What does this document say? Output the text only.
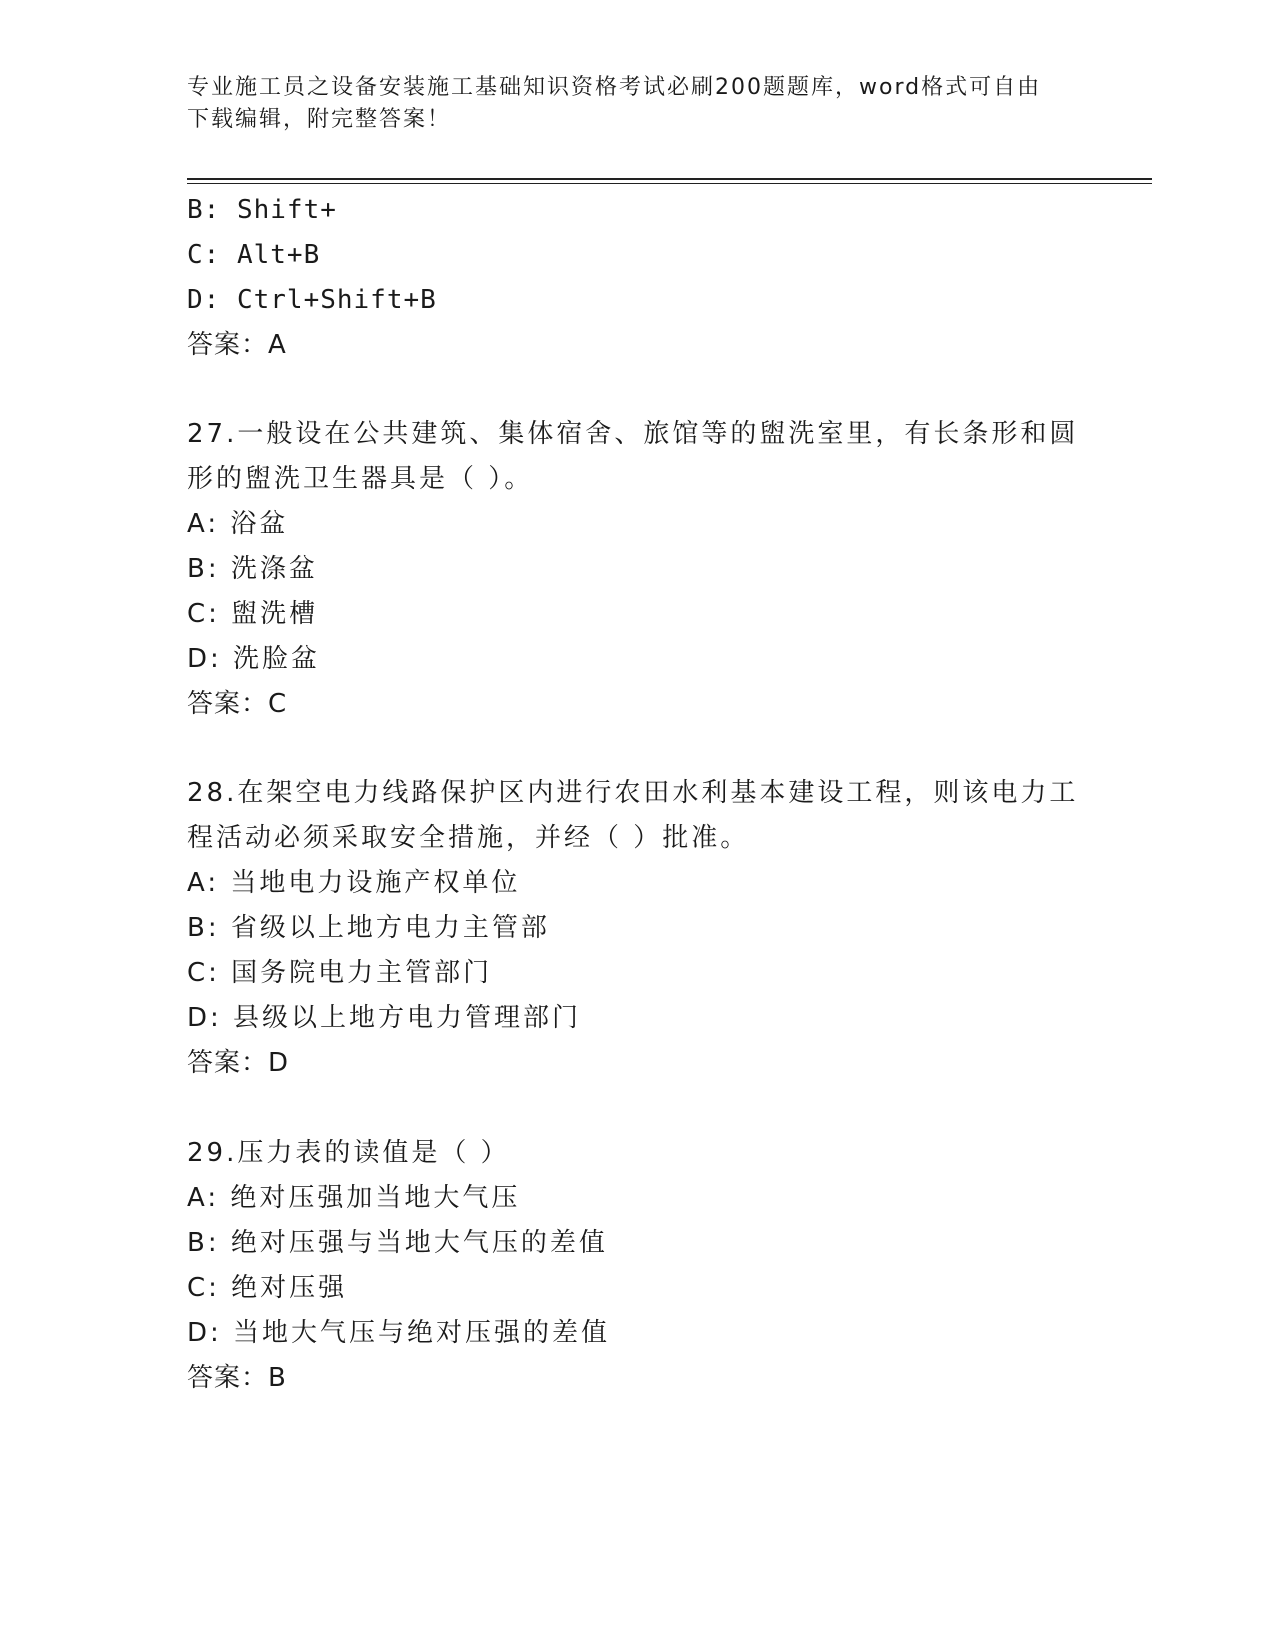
专业施工员之设备安装施工基础知识资格考试必刷200题题库，word格式可自由
下载编辑，附完整答案！
B: Shift+
C: Alt+B
D: Ctrl+Shift+B
答案：A
27.一般设在公共建筑、集体宿舍、旅馆等的盥洗室里，有长条形和圆
形的盥洗卫生器具是（ ）。
A: 浴盆
B: 洗涤盆
C: 盥洗槽
D: 洗脸盆
答案：C
28.在架空电力线路保护区内进行农田水利基本建设工程，则该电力工
程活动必须采取安全措施，并经（ ）批准。
A: 当地电力设施产权单位
B: 省级以上地方电力主管部
C: 国务院电力主管部门
D: 县级以上地方电力管理部门
答案：D
29.压力表的读值是（ ）
A: 绝对压强加当地大气压
B: 绝对压强与当地大气压的差值
C: 绝对压强
D: 当地大气压与绝对压强的差值
答案：B
